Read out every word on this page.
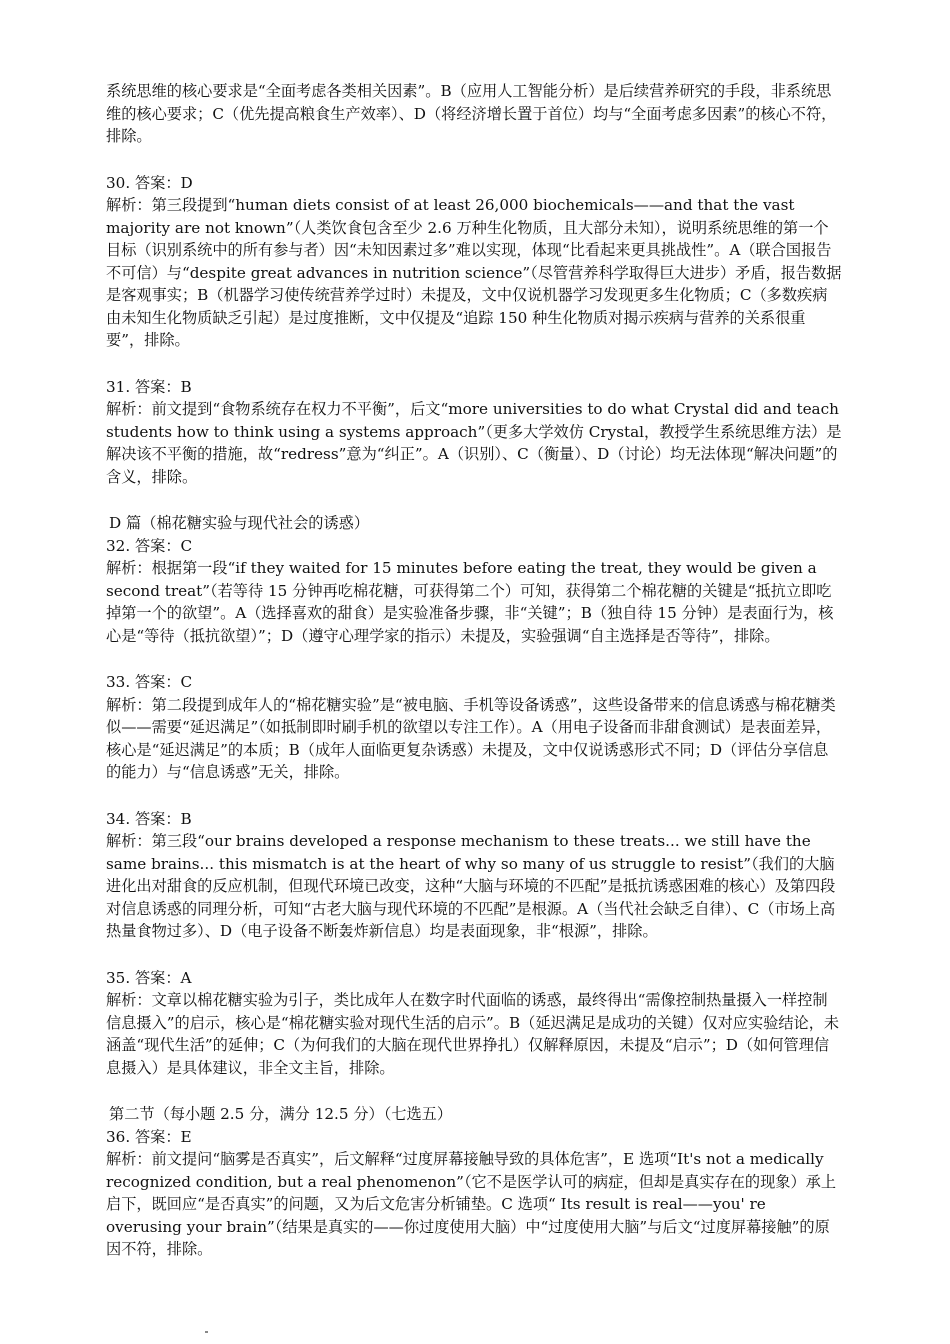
系统思维的核心要求是“全面考虑各类相关因素”。B（应用人工智能分析）是后续营养研究的手段，非系统思维的核心要求；C（优先提高粮食生产效率）、D（将经济增长置于首位）均与“全面考虑多因素”的核心不符，排除。

30. 答案：D

解析：第三段提到“human diets consist of at least 26,000 biochemicals——and that the vast majority are not known”（人类饮食包含至少 2.6 万种生化物质，且大部分未知），说明系统思维的第一个目标（识别系统中的所有参与者）因“未知因素过多”难以实现，体现“比看起来更具挑战性”。A（联合国报告不可信）与“despite great advances in nutrition science”（尽管营养科学取得巨大进步）矛盾，报告数据是客观事实；B（机器学习使传统营养学过时）未提及，文中仅说机器学习发现更多生化物质；C（多数疾病由未知生化物质缺乏引起）是过度推断，文中仅提及“追踪 150 种生化物质对揭示疾病与营养的关系很重要”，排除。

31. 答案：B

解析：前文提到“食物系统存在权力不平衡”，后文“more universities to do what Crystal did and teach students how to think using a systems approach”（更多大学效仿 Crystal，教授学生系统思维方法）是解决该不平衡的措施，故“redress”意为“纠正”。A（识别）、C（衡量）、D（讨论）均无法体现“解决问题”的含义，排除。

D 篇（棉花糖实验与现代社会的诱惑）

32. 答案：C

解析：根据第一段“if they waited for 15 minutes before eating the treat, they would be given a second treat”（若等待 15 分钟再吃棉花糖，可获得第二个）可知，获得第二个棉花糖的关键是“抵抗立即吃掉第一个的欲望”。A（选择喜欢的甜食）是实验准备步骤，非“关键”；B（独自待 15 分钟）是表面行为，核心是“等待（抵抗欲望）”；D（遵守心理学家的指示）未提及，实验强调“自主选择是否等待”，排除。

33. 答案：C

解析：第二段提到成年人的“棉花糖实验”是“被电脑、手机等设备诱惑”，这些设备带来的信息诱惑与棉花糖类似——需要“延迟满足”（如抵制即时刷手机的欲望以专注工作）。A（用电子设备而非甜食测试）是表面差异，核心是“延迟满足”的本质；B（成年人面临更复杂诱惑）未提及，文中仅说诱惑形式不同；D（评估分享信息的能力）与“信息诱惑”无关，排除。

34. 答案：B

解析：第三段“our brains developed a response mechanism to these treats... we still have the same brains... this mismatch is at the heart of why so many of us struggle to resist”（我们的大脑进化出对甜食的反应机制，但现代环境已改变，这种“大脑与环境的不匹配”是抵抗诱惑困难的核心）及第四段对信息诱惑的同理分析，可知“古老大脑与现代环境的不匹配”是根源。A（当代社会缺乏自律）、C（市场上高热量食物过多）、D（电子设备不断轰炸新信息）均是表面现象，非“根源”，排除。

35. 答案：A

解析：文章以棉花糖实验为引子，类比成年人在数字时代面临的诱惑，最终得出“需像控制热量摄入一样控制信息摄入”的启示，核心是“棉花糖实验对现代生活的启示”。B（延迟满足是成功的关键）仅对应实验结论，未涵盖“现代生活”的延伸；C（为何我们的大脑在现代世界挣扎）仅解释原因，未提及“启示”；D（如何管理信息摄入）是具体建议，非全文主旨，排除。

第二节（每小题 2.5 分，满分 12.5 分）（七选五）

36. 答案：E

解析：前文提问“脑雾是否真实”，后文解释“过度屏幕接触导致的具体危害”，E 选项“It's not a medically recognized condition, but a real phenomenon”（它不是医学认可的病症，但却是真实存在的现象）承上启下，既回应“是否真实”的问题，又为后文危害分析铺垫。C 选项“ Its result is real——you' re overusing your brain”（结果是真实的——你过度使用大脑）中“过度使用大脑”与后文“过度屏幕接触”的原因不符，排除。
